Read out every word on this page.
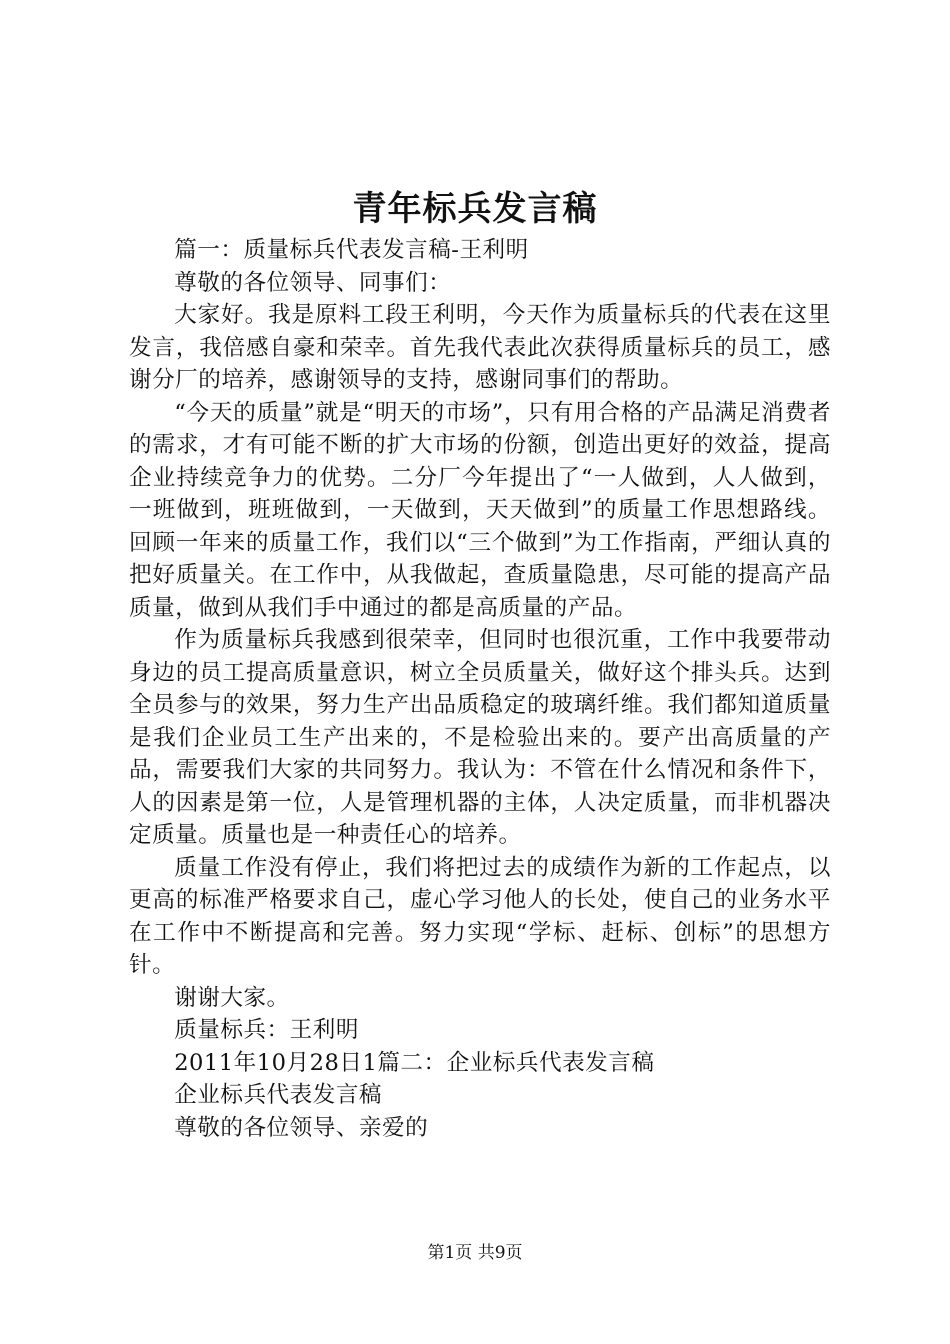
青年标兵发言稿

篇一：质量标兵代表发言稿-王利明

尊敬的各位领导、同事们：

大家好。我是原料工段王利明，今天作为质量标兵的代表在这里发言，我倍感自豪和荣幸。首先我代表此次获得质量标兵的员工，感谢分厂的培养，感谢领导的支持，感谢同事们的帮助。

“今天的质量”就是“明天的市场”，只有用合格的产品满足消费者的需求，才有可能不断的扩大市场的份额，创造出更好的效益，提高企业持续竞争力的优势。二分厂今年提出了“一人做到，人人做到，一班做到，班班做到，一天做到，天天做到”的质量工作思想路线。回顾一年来的质量工作，我们以“三个做到”为工作指南，严细认真的把好质量关。在工作中，从我做起，查质量隐患，尽可能的提高产品质量，做到从我们手中通过的都是高质量的产品。

作为质量标兵我感到很荣幸，但同时也很沉重，工作中我要带动身边的员工提高质量意识，树立全员质量关，做好这个排头兵。达到全员参与的效果，努力生产出品质稳定的玻璃纤维。我们都知道质量是我们企业员工生产出来的，不是检验出来的。要产出高质量的产品，需要我们大家的共同努力。我认为：不管在什么情况和条件下，人的因素是第一位，人是管理机器的主体，人决定质量，而非机器决定质量。质量也是一种责任心的培养。

质量工作没有停止，我们将把过去的成绩作为新的工作起点，以更高的标准严格要求自己，虚心学习他人的长处，使自己的业务水平在工作中不断提高和完善。努力实现“学标、赶标、创标”的思想方针。

谢谢大家。

质量标兵：王利明

2011年10月28日1篇二：企业标兵代表发言稿

企业标兵代表发言稿

尊敬的各位领导、亲爱的

第1页 共9页
